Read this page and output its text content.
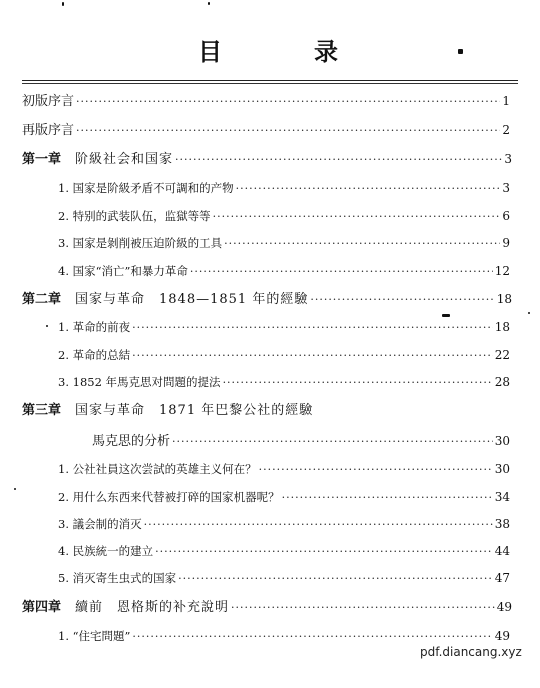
目　录
初版序言 ·····	1
再版序言 ·····	2
第一章 阶級社会和国家 ·····	3
1. 国家是阶級矛盾不可調和的产物 ·····	3
2. 特别的武装队伍，监獄等等 ·····	6
3. 国家是剝削被压迫阶級的工具 ·····	9
4. 国家“消亡”和暴力革命 ·····	12
第二章 国家与革命　1848—1851 年的經驗 ·····	18
1. 革命的前夜 ·····	18
2. 革命的总結 ·····	22
3. 1852 年馬克思对問題的提法 ·····	28
第三章 国家与革命　1871 年巴黎公社的經驗
馬克思的分析 ·····	30
1. 公社社員这次尝試的英雄主义何在？ ·····	30
2. 用什么东西来代替被打碎的国家机器呢？ ·····	34
3. 議会制的消灭 ·····	38
4. 民族統一的建立 ·····	44
5. 消灭寄生虫式的国家 ·····	47
第四章 續前　恩格斯的补充說明 ·····	49
1. “住宅問題” ·····	49
pdf.diancang.xyz
